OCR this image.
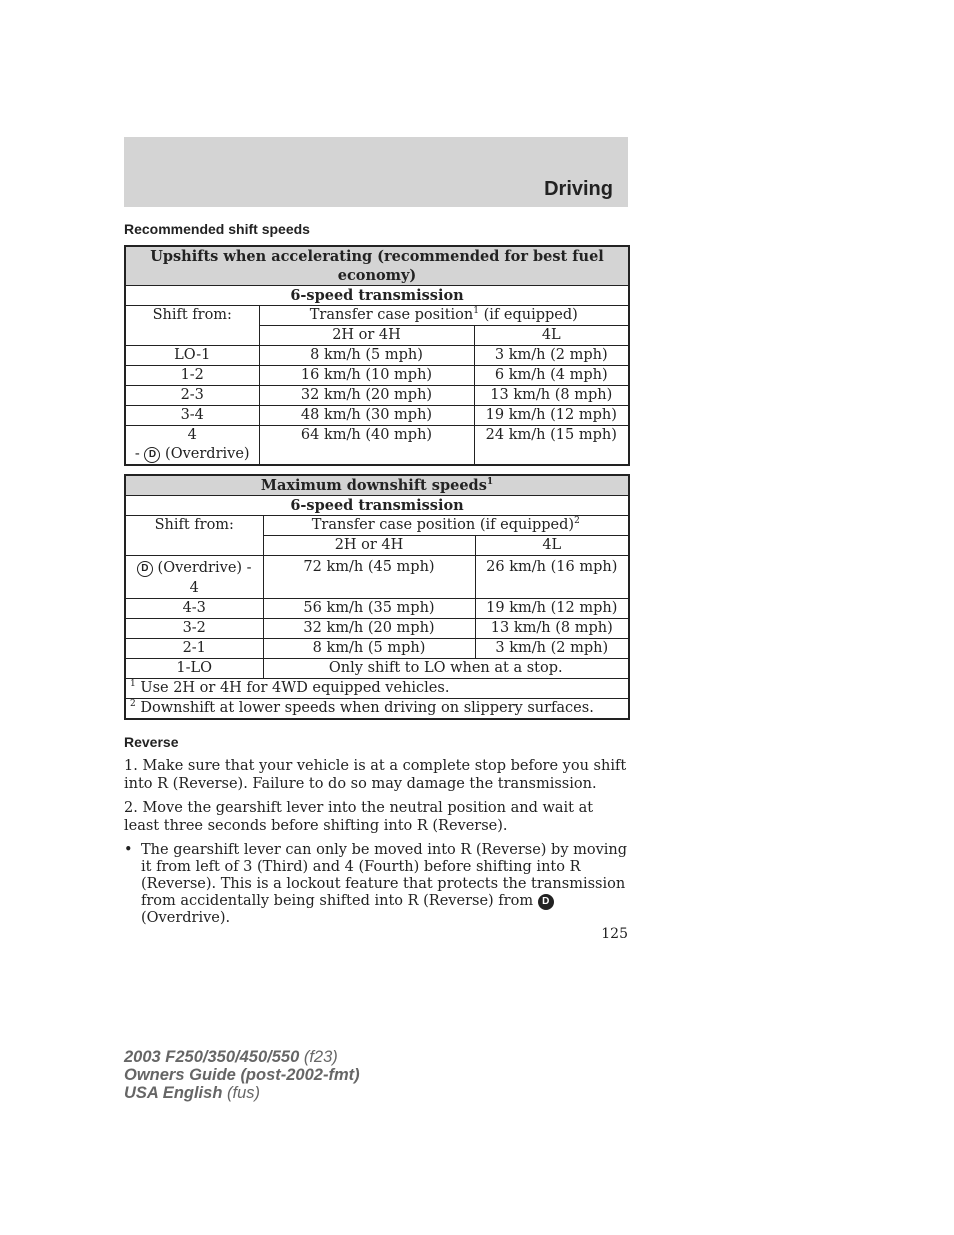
Driving
Recommended shift speeds
Upshifts when accelerating (recommended for best fuel economy)		
6-speed transmission		
Shift from:	Transfer case position$^1$ (if equipped)	
	2H or 4H	4L
LO-1	8 km/h (5 mph)	3 km/h (2 mph)
1-2	16 km/h (10 mph)	6 km/h (4 mph)
2-3	32 km/h (20 mph)	13 km/h (8 mph)
3-4	48 km/h (30 mph)	19 km/h (12 mph)

4
- D (Overdrive)	64 km/h (40 mph)	24 km/h (15 mph)
Maximum downshift speeds$^1$
6-speed transmission		
Shift from:	Transfer case position (if equipped)$^2$
	2H or 4H	4L

D (Overdrive) -
4	72 km/h (45 mph)	26 km/h (16 mph)
4-3	56 km/h (35 mph)	19 km/h (12 mph)
3-2	32 km/h (20 mph)	13 km/h (8 mph)
2-1	8 km/h (5 mph)	3 km/h (2 mph)
1-LO	Only shift to LO when at a stop.	
$^1$ Use 2H or 4H for 4WD equipped vehicles.		
$^2$ Downshift at lower speeds when driving on slippery surfaces.		
Reverse
1. Make sure that your vehicle is at a complete stop before you shift into R (Reverse). Failure to do so may damage the transmission.
2. Move the gearshift lever into the neutral position and wait at least three seconds before shifting into R (Reverse).
• The gearshift lever can only be moved into R (Reverse) by moving it from left of 3 (Third) and 4 (Fourth) before shifting into R (Reverse). This is a lockout feature that protects the transmission from accidentally being shifted into R (Reverse) from D (Overdrive).
125
2003 F250/350/450/550 (f23)
Owners Guide (post-2002-fmt)
USA English (fus)
